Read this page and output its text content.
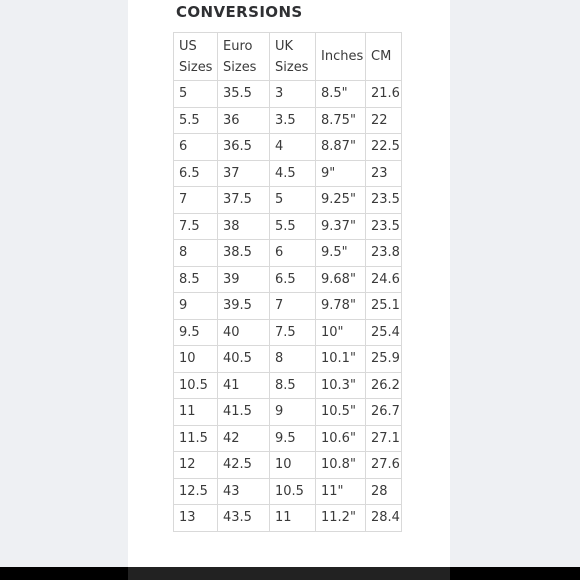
CONVERSIONS
US Sizes	Euro Sizes	UK Sizes	Inches	CM
5	35.5	3	8.5"	21.6
5.5	36	3.5	8.75"	22
6	36.5	4	8.87"	22.5
6.5	37	4.5	9"	23
7	37.5	5	9.25"	23.5
7.5	38	5.5	9.37"	23.5
8	38.5	6	9.5"	23.8
8.5	39	6.5	9.68"	24.6
9	39.5	7	9.78"	25.1
9.5	40	7.5	10"	25.4
10	40.5	8	10.1"	25.9
10.5	41	8.5	10.3"	26.2
11	41.5	9	10.5"	26.7
11.5	42	9.5	10.6"	27.1
12	42.5	10	10.8"	27.6
12.5	43	10.5	11"	28
13	43.5	11	11.2"	28.4
